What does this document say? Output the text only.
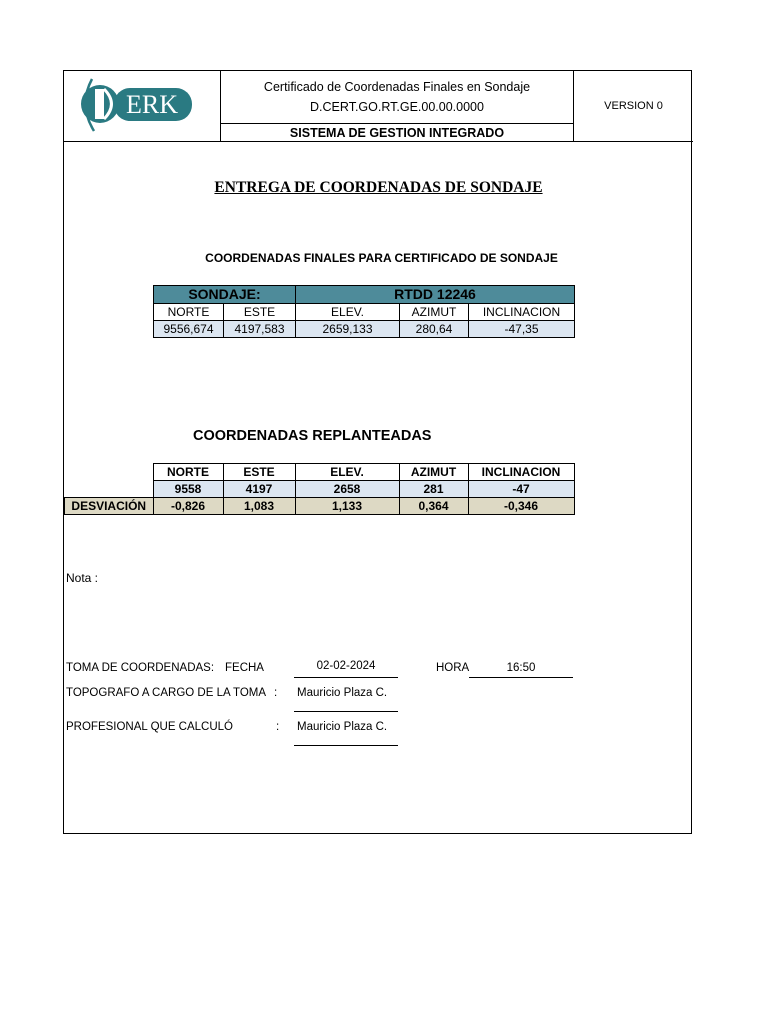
ERK
Certificado de Coordenadas Finales en Sondaje
D.CERT.GO.RT.GE.00.00.0000
SISTEMA DE GESTION INTEGRADO
VERSION 0
ENTREGA DE COORDENADAS DE SONDAJE
COORDENADAS FINALES PARA CERTIFICADO DE SONDAJE
SONDAJE:		RTDD 12246		
NORTE	ESTE	ELEV.	AZIMUT	INCLINACION
9556,674	4197,583	2659,133	280,64	-47,35
COORDENADAS REPLANTEADAS
	NORTE	ESTE	ELEV.	AZIMUT	INCLINACION
	9558	4197	2658	281	-47
DESVIACIÓN	-0,826	1,083	1,133	0,364	-0,346
Nota :
TOMA DE COORDENADAS: FECHA	02-02-2024	HORA	16:50
TOPOGRAFO A CARGO DE LA TOMA : Mauricio Plaza C.
PROFESIONAL QUE CALCULÓ	: Mauricio Plaza C.
